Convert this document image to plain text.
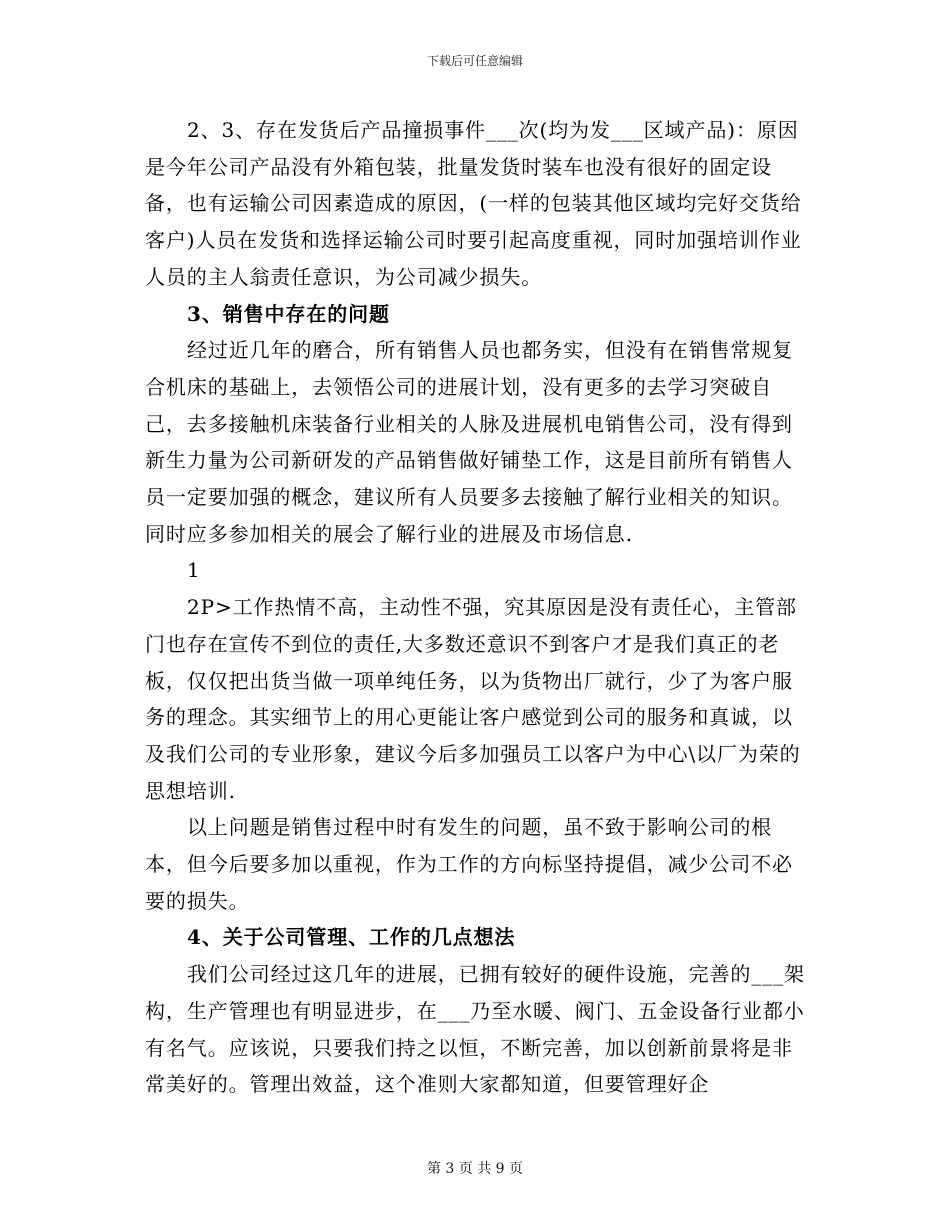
下载后可任意编辑

2、3、存在发货后产品撞损事件___次(均为发___区域产品)：原因是今年公司产品没有外箱包装，批量发货时装车也没有很好的固定设备，也有运输公司因素造成的原因，(一样的包装其他区域均完好交货给客户)人员在发货和选择运输公司时要引起高度重视，同时加强培训作业人员的主人翁责任意识，为公司减少损失。

3、销售中存在的问题

经过近几年的磨合，所有销售人员也都务实，但没有在销售常规复合机床的基础上，去领悟公司的进展计划，没有更多的去学习突破自己，去多接触机床装备行业相关的人脉及进展机电销售公司，没有得到新生力量为公司新研发的产品销售做好铺垫工作，这是目前所有销售人员一定要加强的概念，建议所有人员要多去接触了解行业相关的知识。同时应多参加相关的展会了解行业的进展及市场信息.

1

2P>工作热情不高，主动性不强，究其原因是没有责任心，主管部门也存在宣传不到位的责任,大多数还意识不到客户才是我们真正的老板，仅仅把出货当做一项单纯任务，以为货物出厂就行，少了为客户服务的理念。其实细节上的用心更能让客户感觉到公司的服务和真诚，以及我们公司的专业形象，建议今后多加强员工以客户为中心\以厂为荣的思想培训.

以上问题是销售过程中时有发生的问题，虽不致于影响公司的根本，但今后要多加以重视，作为工作的方向标坚持提倡，减少公司不必要的损失。

4、关于公司管理、工作的几点想法

我们公司经过这几年的进展，已拥有较好的硬件设施，完善的___架构，生产管理也有明显进步，在___乃至水暖、阀门、五金设备行业都小有名气。应该说，只要我们持之以恒，不断完善，加以创新前景将是非常美好的。管理出效益，这个准则大家都知道，但要管理好企

第 3 页 共 9 页
